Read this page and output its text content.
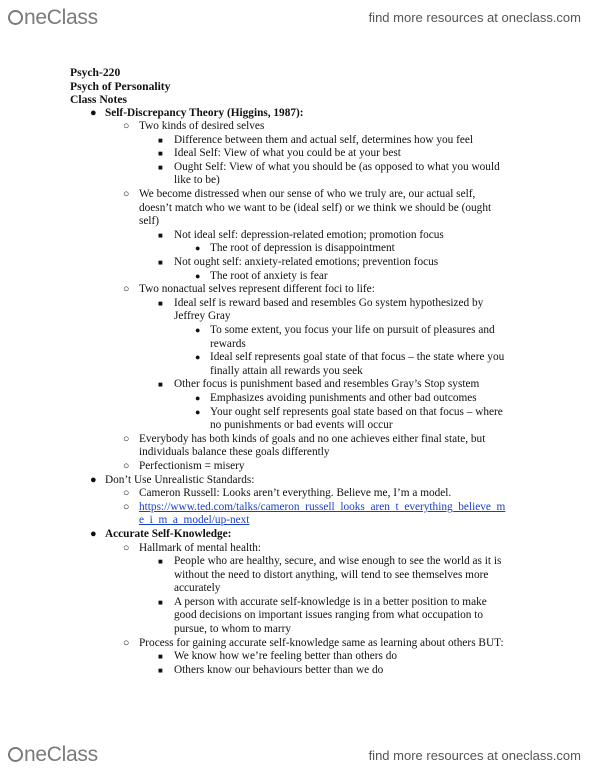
neClass	find more resources at oneclass.com
Psych-220
Psych of Personality
Class Notes
● Self-Discrepancy Theory (Higgins, 1987):
○ Two kinds of desired selves
■ Difference between them and actual self, determines how you feel
■ Ideal Self: View of what you could be at your best
■ Ought Self: View of what you should be (as opposed to what you would like to be)
○ We become distressed when our sense of who we truly are, our actual self, doesn’t match who we want to be (ideal self) or we think we should be (ought self)
■ Not ideal self: depression-related emotion; promotion focus
● The root of depression is disappointment
■ Not ought self: anxiety-related emotions; prevention focus
● The root of anxiety is fear
○ Two nonactual selves represent different foci to life:
■ Ideal self is reward based and resembles Go system hypothesized by Jeffrey Gray
● To some extent, you focus your life on pursuit of pleasures and rewards
● Ideal self represents goal state of that focus – the state where you finally attain all rewards you seek
■ Other focus is punishment based and resembles Gray’s Stop system
● Emphasizes avoiding punishments and other bad outcomes
● Your ought self represents goal state based on that focus – where no punishments or bad events will occur
○ Everybody has both kinds of goals and no one achieves either final state, but individuals balance these goals differently
○ Perfectionism = misery
● Don’t Use Unrealistic Standards:
○ Cameron Russell: Looks aren’t everything. Believe me, I’m a model.
○ https://www.ted.com/talks/cameron_russell_looks_aren_t_everything_believe_me_i_m_a_model/up-next
● Accurate Self-Knowledge:
○ Hallmark of mental health:
■ People who are healthy, secure, and wise enough to see the world as it is without the need to distort anything, will tend to see themselves more accurately
■ A person with accurate self-knowledge is in a better position to make good decisions on important issues ranging from what occupation to pursue, to whom to marry
○ Process for gaining accurate self-knowledge same as learning about others BUT:
■ We know how we’re feeling better than others do
■ Others know our behaviours better than we do
neClass	find more resources at oneclass.com
